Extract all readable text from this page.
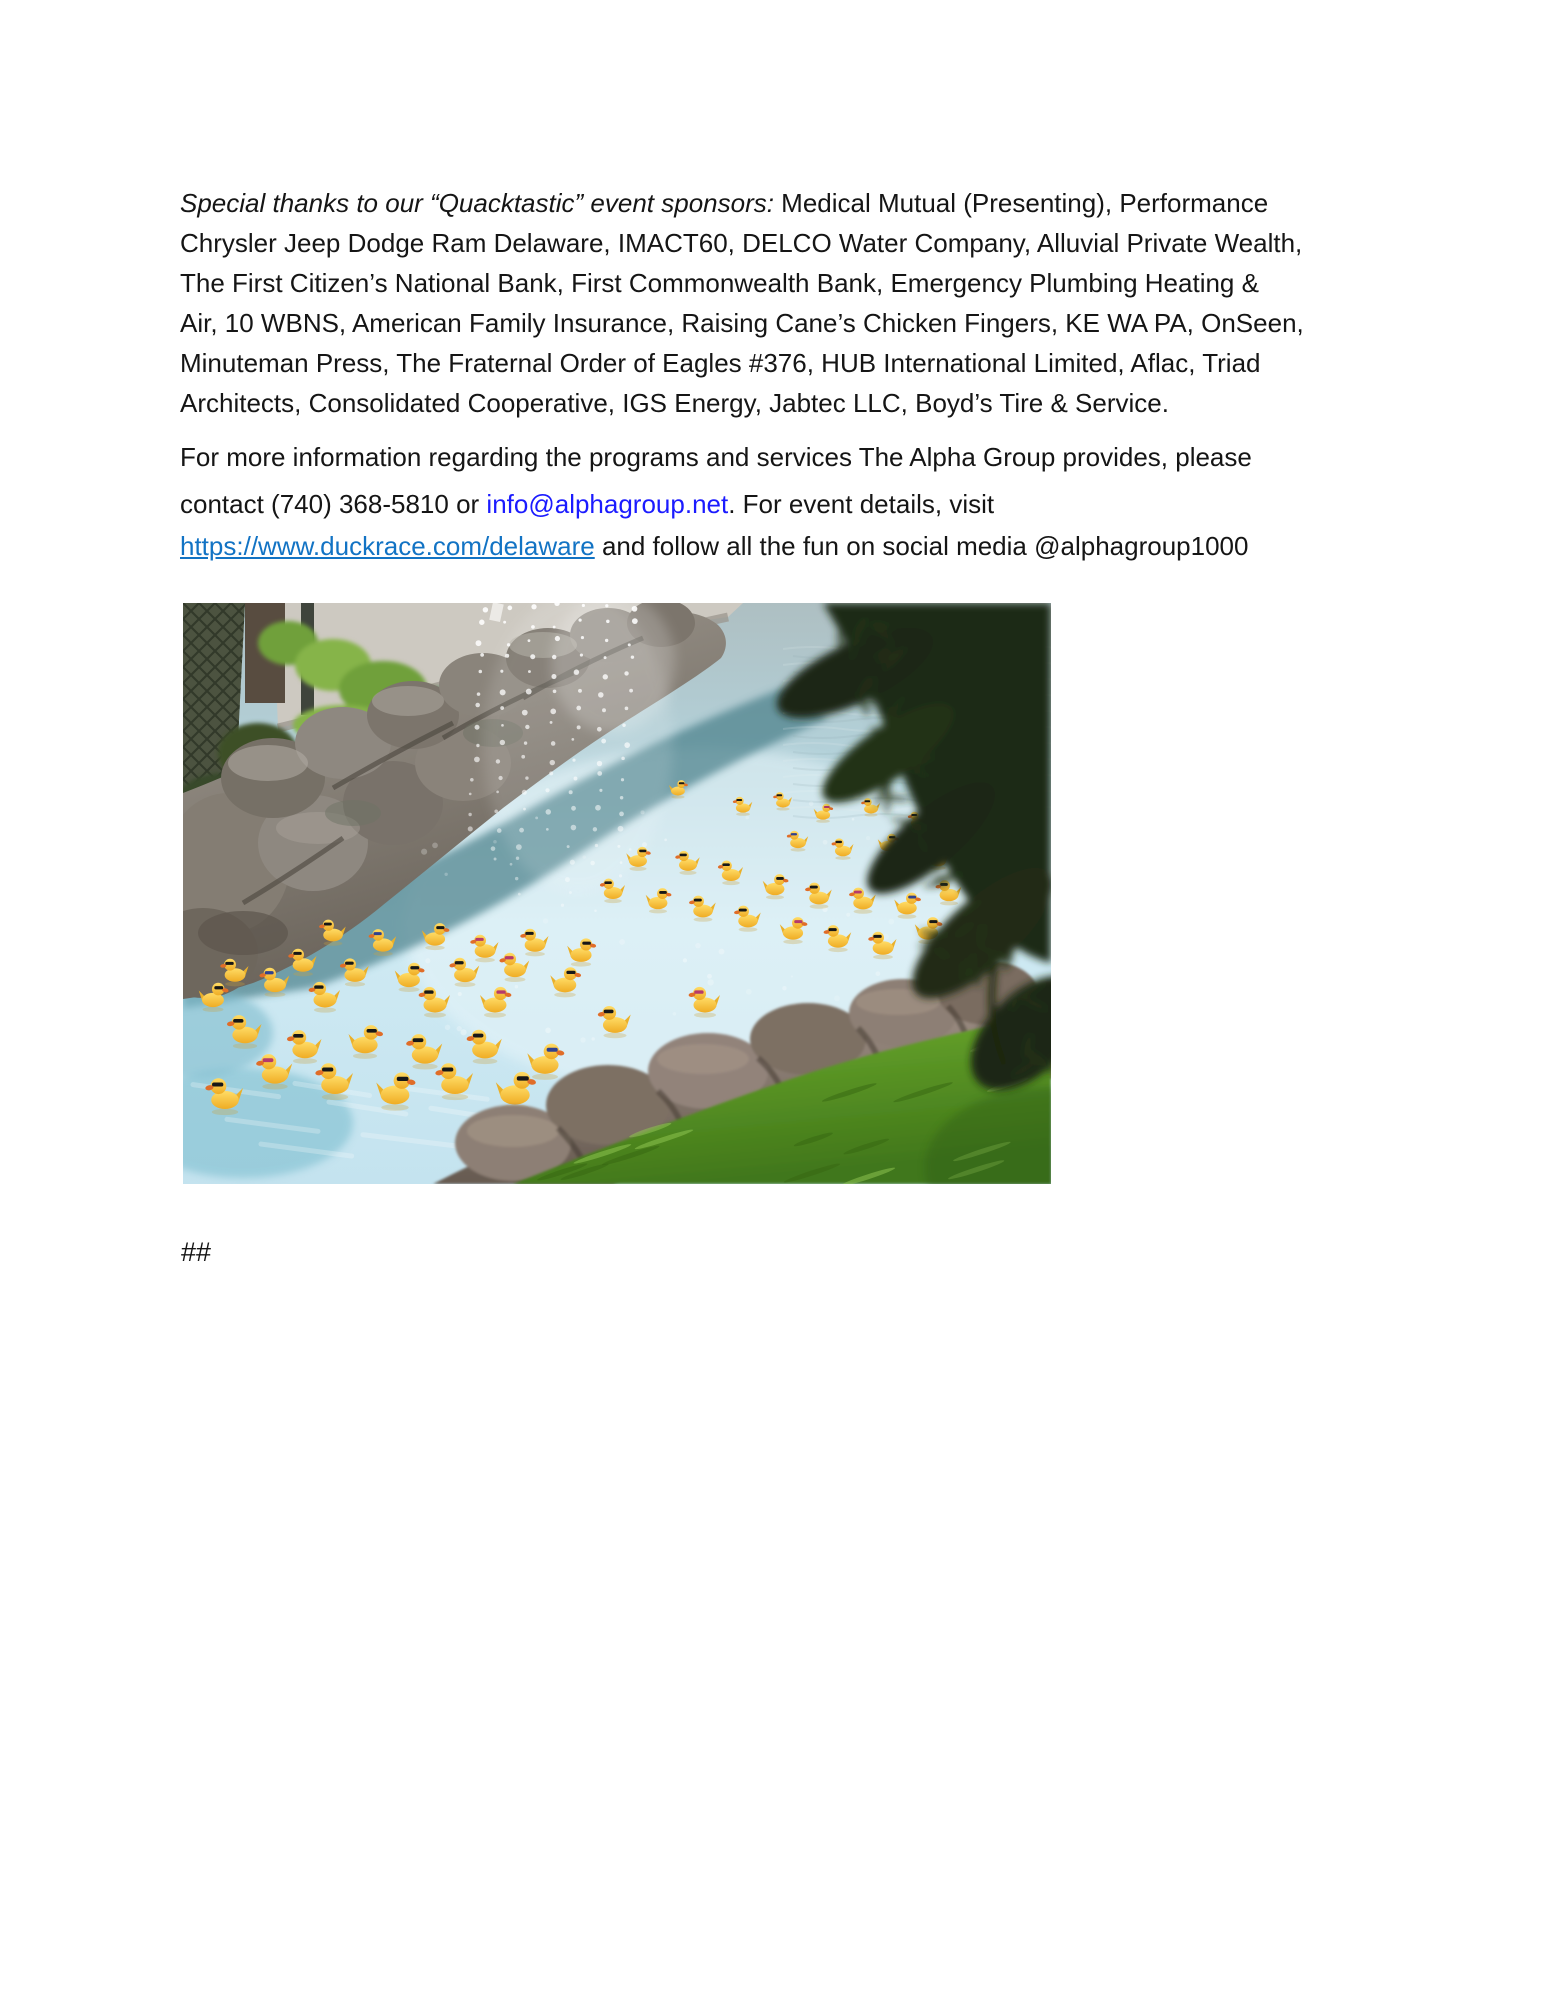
Special thanks to our “Quacktastic” event sponsors: Medical Mutual (Presenting), Performance
Chrysler Jeep Dodge Ram Delaware, IMACT60, DELCO Water Company, Alluvial Private Wealth,
The First Citizen’s National Bank, First Commonwealth Bank, Emergency Plumbing Heating &
Air, 10 WBNS, American Family Insurance, Raising Cane’s Chicken Fingers, KE WA PA, OnSeen,
Minuteman Press, The Fraternal Order of Eagles #376, HUB International Limited, Aflac, Triad
Architects, Consolidated Cooperative, IGS Energy, Jabtec LLC, Boyd’s Tire & Service.

For more information regarding the programs and services The Alpha Group provides, please
contact (740) 368-5810 or info@alphagroup.net. For event details, visit
https://www.duckrace.com/delaware and follow all the fun on social media @alphagroup1000

##
